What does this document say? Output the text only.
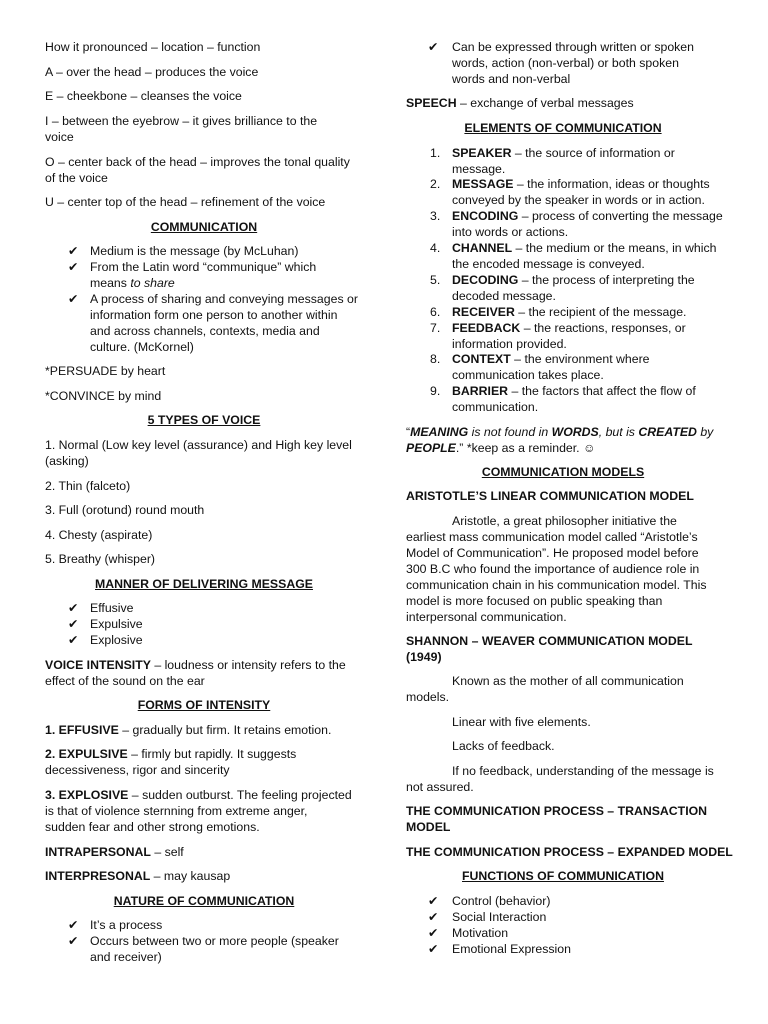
How it pronounced – location – function
A – over the head – produces the voice
E – cheekbone – cleanses the voice
I – between the eyebrow – it gives brilliance to the
voice
O – center back of the head – improves the tonal quality
of the voice
U – center top of the head – refinement of the voice
COMMUNICATION
✔ Medium is the message (by McLuhan)
✔ From the Latin word “communique” which
means to share
✔ A process of sharing and conveying messages or
information form one person to another within
and across channels, contexts, media and
culture. (McKornel)
*PERSUADE by heart
*CONVINCE by mind
5 TYPES OF VOICE
1. Normal (Low key level (assurance) and High key level
(asking)
2. Thin (falceto)
3. Full (orotund) round mouth
4. Chesty (aspirate)
5. Breathy (whisper)
MANNER OF DELIVERING MESSAGE
✔ Effusive
✔ Expulsive
✔ Explosive
VOICE INTENSITY – loudness or intensity refers to the
effect of the sound on the ear
FORMS OF INTENSITY
1. EFFUSIVE – gradually but firm. It retains emotion.
2. EXPULSIVE – firmly but rapidly. It suggests
decessiveness, rigor and sincerity
3. EXPLOSIVE – sudden outburst. The feeling projected
is that of violence sternning from extreme anger,
sudden fear and other strong emotions.
INTRAPERSONAL – self
INTERPRESONAL – may kausap
NATURE OF COMMUNICATION
✔ It’s a process
✔ Occurs between two or more people (speaker
and receiver)
✔ Can be expressed through written or spoken
words, action (non-verbal) or both spoken
words and non-verbal
SPEECH – exchange of verbal messages
ELEMENTS OF COMMUNICATION
1. SPEAKER – the source of information or
message.
2. MESSAGE – the information, ideas or thoughts
conveyed by the speaker in words or in action.
3. ENCODING – process of converting the message
into words or actions.
4. CHANNEL – the medium or the means, in which
the encoded message is conveyed.
5. DECODING – the process of interpreting the
decoded message.
6. RECEIVER – the recipient of the message.
7. FEEDBACK – the reactions, responses, or
information provided.
8. CONTEXT – the environment where
communication takes place.
9. BARRIER – the factors that affect the flow of
communication.
“MEANING is not found in WORDS, but is CREATED by
PEOPLE.” *keep as a reminder. ☺
COMMUNICATION MODELS
ARISTOTLE’S LINEAR COMMUNICATION MODEL
Aristotle, a great philosopher initiative the
earliest mass communication model called “Aristotle’s
Model of Communication”. He proposed model before
300 B.C who found the importance of audience role in
communication chain in his communication model. This
model is more focused on public speaking than
interpersonal communication.
SHANNON – WEAVER COMMUNICATION MODEL
(1949)
Known as the mother of all communication
models.
Linear with five elements.
Lacks of feedback.
If no feedback, understanding of the message is
not assured.
THE COMMUNICATION PROCESS – TRANSACTION
MODEL
THE COMMUNICATION PROCESS – EXPANDED MODEL
FUNCTIONS OF COMMUNICATION
✔ Control (behavior)
✔ Social Interaction
✔ Motivation
✔ Emotional Expression
